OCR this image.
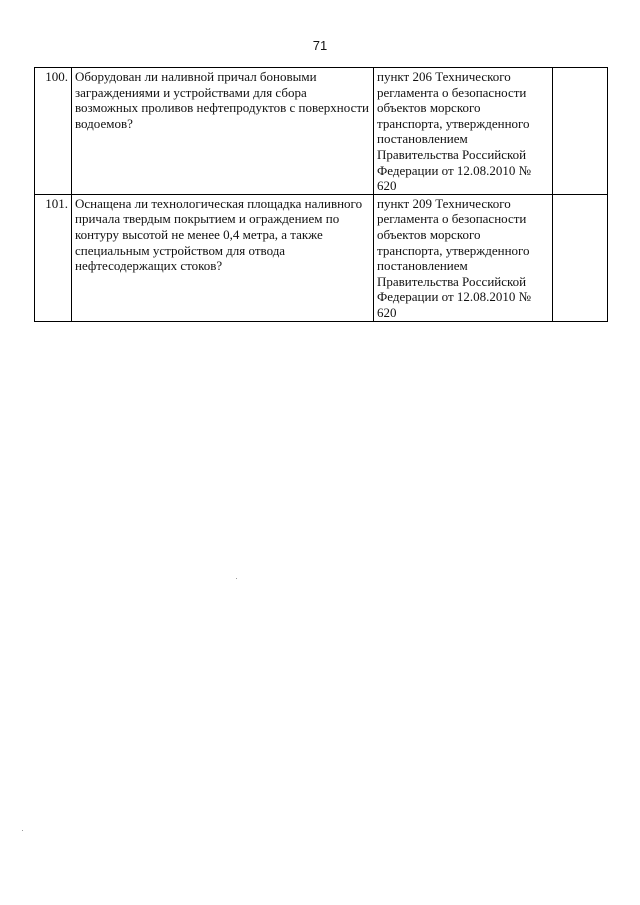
71
100.	Оборудован ли наливной причал боновыми заграждениями и устройствами для сбора возможных проливов нефтепродуктов с поверхности водоемов?	пункт 206 Технического регламента о безопасности объектов морского транспорта, утвержденного постановлением Правительства Российской Федерации от 12.08.2010 № 620	
101.	Оснащена ли технологическая площадка наливного причала твердым покрытием и ограждением по контуру высотой не менее 0,4 метра, а также специальным устройством для отвода нефтесодержащих стоков?	пункт 209 Технического регламента о безопасности объектов морского транспорта, утвержденного постановлением Правительства Российской Федерации от 12.08.2010 № 620	
